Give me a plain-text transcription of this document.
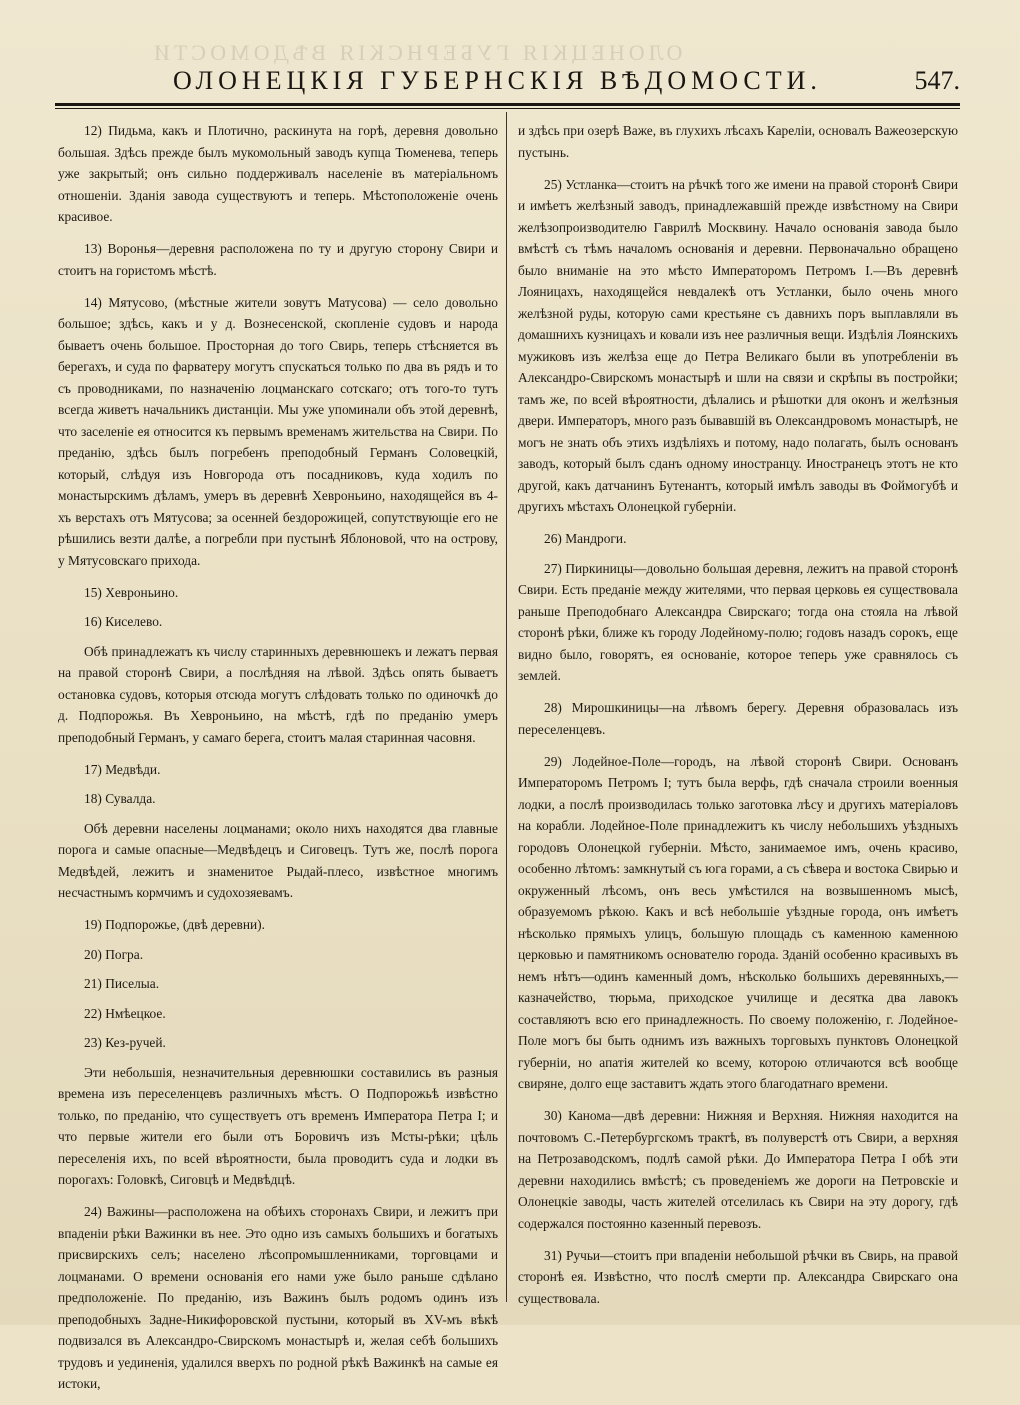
ОЛОНЕЦКІЯ ГУБЕРНСКІЯ ВѢДОМОСТИ
ОЛОНЕЦКІЯ ГУБЕРНСКІЯ ВѢДОМОСТИ.	547.

12) Пидьма, какъ и Плотично, раскинута на горѣ, деревня довольно большая. Здѣсь прежде былъ мукомольный заводъ купца Тюменева, теперь уже закрытый; онъ сильно поддерживалъ населеніе въ матеріальномъ отношеніи. Зданія завода существуютъ и теперь. Мѣстоположеніе очень красивое.

13) Воронья—деревня расположена по ту и другую сторону Свири и стоитъ на гористомъ мѣстѣ.

14) Мятусово, (мѣстные жители зовутъ Матусова) — село довольно большое; здѣсь, какъ и у д. Вознесенской, скопленіе судовъ и народа бываетъ очень большое. Просторная до того Свирь, теперь стѣсняется въ берегахъ, и суда по фарватеру могутъ спускаться только по два въ рядъ и то съ проводниками, по назначенію лоцманскаго сотскаго; отъ того-то тутъ всегда живетъ начальникъ дистанціи. Мы уже упоминали объ этой деревнѣ, что заселеніе ея относится къ первымъ временамъ жительства на Свири. По преданію, здѣсь былъ погребенъ преподобный Германъ Соловецкій, который, слѣдуя изъ Новгорода отъ посадниковъ, куда ходилъ по монастырскимъ дѣламъ, умеръ въ деревнѣ Хевроньино, находящейся въ 4-хъ верстахъ отъ Мятусова; за осенней бездорожицей, сопутствующіе его не рѣшились везти далѣе, а погребли при пустынѣ Яблоновой, что на острову, у Мятусовскаго прихода.

15) Хевроньино.

16) Киселево.

Обѣ принадлежатъ къ числу старинныхъ деревнюшекъ и лежатъ первая на правой сторонѣ Свири, а послѣдняя на лѣвой. Здѣсь опять бываетъ остановка судовъ, которыя отсюда могутъ слѣдовать только по одиночкѣ до д. Подпорожья. Въ Хевроньино, на мѣстѣ, гдѣ по преданію умеръ преподобный Германъ, у самаго берега, стоитъ малая старинная часовня.

17) Медвѣди.

18) Сувалда.

Обѣ деревни населены лоцманами; около нихъ находятся два главные порога и самые опасные—Медвѣдецъ и Сиговецъ. Тутъ же, послѣ порога Медвѣдей, лежитъ и знаменитое Рыдай-плесо, извѣстное многимъ несчастнымъ кормчимъ и судохозяевамъ.

19) Подпорожье, (двѣ деревни).

20) Погра.

21) Писелыа.

22) Нмѣецкое.

23) Кез-ручей.

Эти небольшія, незначительныя деревнюшки составились въ разныя времена изъ переселенцевъ различныхъ мѣстъ. О Подпорожьѣ извѣстно только, по преданію, что существуетъ отъ временъ Императора Петра І; и что первые жители его были отъ Боровичъ изъ Мсты-рѣки; цѣль переселенія ихъ, по всей вѣроятности, была проводитъ суда и лодки въ порогахъ: Головкѣ, Сиговцѣ и Медвѣдцѣ.

24) Важины—расположена на обѣихъ сторонахъ Свири, и лежитъ при впаденіи рѣки Важинки въ нее. Это одно изъ самыхъ большихъ и богатыхъ присвирскихъ селъ; населено лѣсопромышленниками, торговцами и лоцманами. О времени основанія его нами уже было раньше сдѣлано предположеніе. По преданію, изъ Важинъ былъ родомъ одинъ изъ преподобныхъ Задне-Никифоровской пустыни, который въ XV-мъ вѣкѣ подвизался въ Александро-Свирскомъ монастырѣ и, желая себѣ большихъ трудовъ и уединенія, удалился вверхъ по родной рѣкѣ Важинкѣ на самые ея истоки,

и здѣсь при озерѣ Важе, въ глухихъ лѣсахъ Кареліи, основалъ Важеозерскую пустынь.

25) Устланка—стоитъ на рѣчкѣ того же имени на правой сторонѣ Свири и имѣетъ желѣзный заводъ, принадлежавшій прежде извѣстному на Свири желѣзопроизводителю Гаврилѣ Москвину. Начало основанія завода было вмѣстѣ съ тѣмъ началомъ основанія и деревни. Первоначально обращено было вниманіе на это мѣсто Императоромъ Петромъ І.—Въ деревнѣ Лояницахъ, находящейся невдалекѣ отъ Устланки, было очень много желѣзной руды, которую сами крестьяне съ давнихъ поръ выплавляли въ домашнихъ кузницахъ и ковали изъ нее различныя вещи. Издѣлія Лоянскихъ мужиковъ изъ желѣза еще до Петра Великаго были въ употребленіи въ Александро-Свирскомъ монастырѣ и шли на связи и скрѣпы въ постройки; тамъ же, по всей вѣроятности, дѣлались и рѣшотки для оконъ и желѣзныя двери. Императоръ, много разъ бывавшій въ Олександровомъ монастырѣ, не могъ не знать объ этихъ издѣліяхъ и потому, надо полагать, былъ основанъ заводъ, который былъ сданъ одному иностранцу. Иностранецъ этотъ не кто другой, какъ датчанинъ Бутенантъ, который имѣлъ заводы въ Фоймогубѣ и другихъ мѣстахъ Олонецкой губерніи.

26) Мандроги.

27) Пиркиницы—довольно большая деревня, лежитъ на правой сторонѣ Свири. Есть преданіе между жителями, что первая церковь ея существовала раньше Преподобнаго Александра Свирскаго; тогда она стояла на лѣвой сторонѣ рѣки, ближе къ городу Лодейному-полю; годовъ назадъ сорокъ, еще видно было, говорятъ, ея основаніе, которое теперь уже сравнялось съ землей.

28) Мирошкиницы—на лѣвомъ берегу. Деревня образовалась изъ переселенцевъ.

29) Лодейное-Поле—городъ, на лѣвой сторонѣ Свири. Основанъ Императоромъ Петромъ І; тутъ была верфь, гдѣ сначала строили военныя лодки, а послѣ производилась только заготовка лѣсу и другихъ матеріаловъ на корабли. Лодейное-Поле принадлежитъ къ числу небольшихъ уѣздныхъ городовъ Олонецкой губерніи. Мѣсто, занимаемое имъ, очень красиво, особенно лѣтомъ: замкнутый съ юга горами, а съ сѣвера и востока Свирью и окруженный лѣсомъ, онъ весь умѣстился на возвышенномъ мысѣ, образуемомъ рѣкою. Какъ и всѣ небольшіе уѣздные города, онъ имѣетъ нѣсколько прямыхъ улицъ, большую площадь съ каменною каменною церковью и памятникомъ основателю города. Зданій особенно красивыхъ въ немъ нѣтъ—одинъ каменный домъ, нѣсколько большихъ деревянныхъ,—казначейство, тюрьма, приходское училище и десятка два лавокъ составляютъ всю его принадлежность. По своему положенію, г. Лодейное-Поле могъ бы быть однимъ изъ важныхъ торговыхъ пунктовъ Олонецкой губерніи, но апатія жителей ко всему, которою отличаются всѣ вообще свиряне, долго еще заставитъ ждать этого благодатнаго времени.

30) Канома—двѣ деревни: Нижняя и Верхняя. Нижняя находится на почтовомъ С.-Петербургскомъ трактѣ, въ полуверстѣ отъ Свири, а верхняя на Петрозаводскомъ, подлѣ самой рѣки. До Императора Петра І обѣ эти деревни находились вмѣстѣ; съ проведеніемъ же дороги на Петровскіе и Олонецкіе заводы, часть жителей отселилась къ Свири на эту дорогу, гдѣ содержался постоянно казенный перевозъ.

31) Ручьи—стоитъ при впаденіи небольшой рѣчки въ Свирь, на правой сторонѣ ея. Извѣстно, что послѣ смерти пр. Александра Свирскаго она существовала.
